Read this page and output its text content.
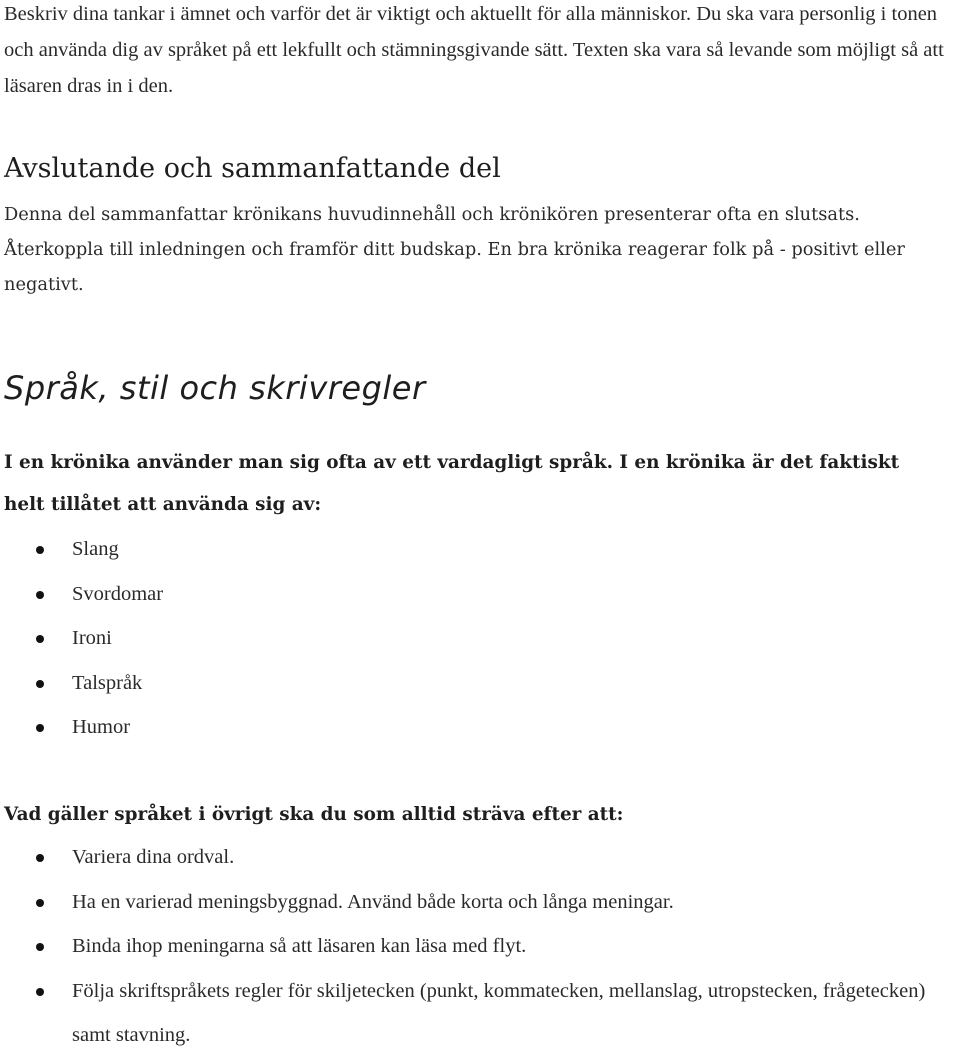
Beskriv dina tankar i ämnet och varför det är viktigt och aktuellt för alla människor. Du ska vara personlig i tonen och använda dig av språket på ett lekfullt och stämningsgivande sätt. Texten ska vara så levande som möjligt så att läsaren dras in i den.

Avslutande och sammanfattande del

Denna del sammanfattar krönikans huvudinnehåll och krönikören presenterar ofta en slutsats. Återkoppla till inledningen och framför ditt budskap. En bra krönika reagerar folk på - positivt eller negativt.

Språk, stil och skrivregler

I en krönika använder man sig ofta av ett vardagligt språk. I en krönika är det faktiskt helt tillåtet att använda sig av:

Slang
Svordomar
Ironi
Talspråk
Humor

Vad gäller språket i övrigt ska du som alltid sträva efter att:

Variera dina ordval.
Ha en varierad meningsbyggnad. Använd både korta och långa meningar.
Binda ihop meningarna så att läsaren kan läsa med flyt.
Följa skriftspråkets regler för skiljetecken (punkt, kommatecken, mellanslag, utropstecken, frågetecken) samt stavning.
